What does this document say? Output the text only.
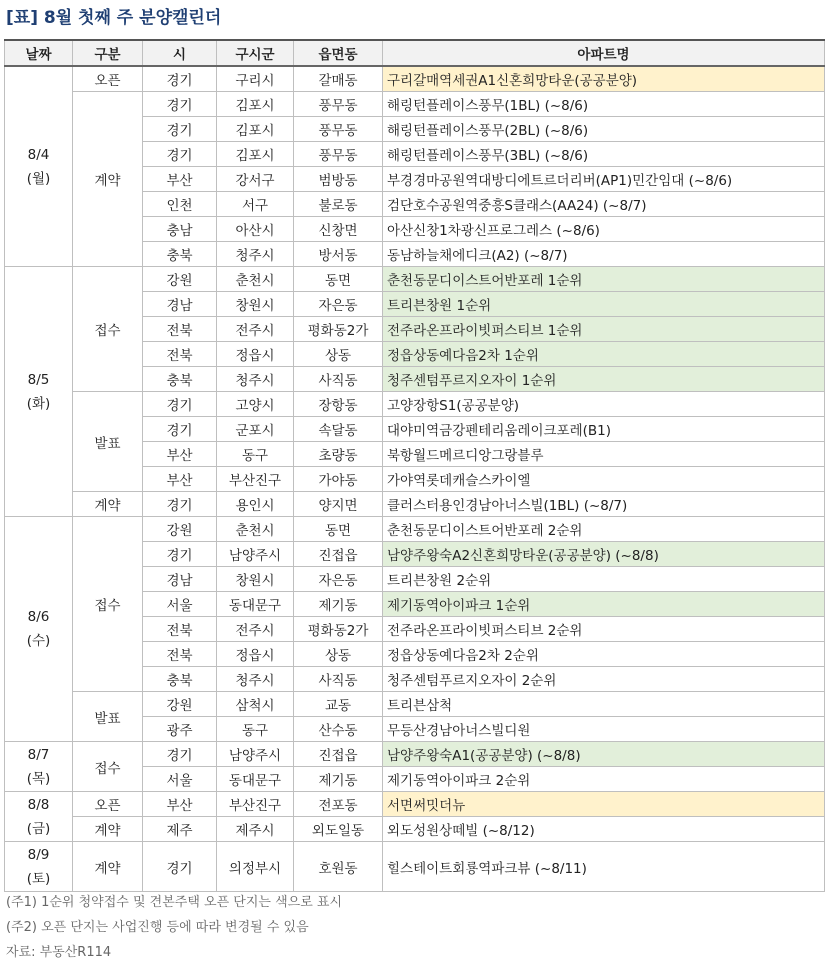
[표] 8월 첫째 주 분양캘린더
날짜	구분	시	구시군	읍면동	아파트명

8/4
(월)	오픈	경기	구리시	갈매동	구리갈매역세권A1신혼희망타운(공공분양)
	계약	경기	김포시	풍무동	해링턴플레이스풍무(1BL) (~8/6)
		경기	김포시	풍무동	해링턴플레이스풍무(2BL) (~8/6)
		경기	김포시	풍무동	해링턴플레이스풍무(3BL) (~8/6)
		부산	강서구	범방동	부경경마공원역대방디에트르더리버(AP1)민간임대 (~8/6)
		인천	서구	불로동	검단호수공원역중흥S클래스(AA24) (~8/7)
		충남	아산시	신창면	아산신창1차광신프로그레스 (~8/6)
		충북	청주시	방서동	동남하늘채에디크(A2) (~8/7)

8/5
(화)	접수	강원	춘천시	동면	춘천동문디이스트어반포레 1순위
		경남	창원시	자은동	트리븐창원 1순위
		전북	전주시	평화동2가	전주라온프라이빗퍼스티브 1순위
		전북	정읍시	상동	정읍상동예다음2차 1순위
		충북	청주시	사직동	청주센텀푸르지오자이 1순위
	발표	경기	고양시	장항동	고양장항S1(공공분양)
		경기	군포시	속달동	대야미역금강펜테리움레이크포레(B1)
		부산	동구	초량동	북항월드메르디앙그랑블루
		부산	부산진구	가야동	가야역롯데캐슬스카이엘
	계약	경기	용인시	양지면	클러스터용인경남아너스빌(1BL) (~8/7)

8/6
(수)	접수	강원	춘천시	동면	춘천동문디이스트어반포레 2순위
		경기	남양주시	진접읍	남양주왕숙A2신혼희망타운(공공분양) (~8/8)
		경남	창원시	자은동	트리븐창원 2순위
		서울	동대문구	제기동	제기동역아이파크 1순위
		전북	전주시	평화동2가	전주라온프라이빗퍼스티브 2순위
		전북	정읍시	상동	정읍상동예다음2차 2순위
		충북	청주시	사직동	청주센텀푸르지오자이 2순위
	발표	강원	삼척시	교동	트리븐삼척
		광주	동구	산수동	무등산경남아너스빌디원

8/7
(목)	접수	경기	남양주시	진접읍	남양주왕숙A1(공공분양) (~8/8)
		서울	동대문구	제기동	제기동역아이파크 2순위

8/8
(금)	오픈	부산	부산진구	전포동	서면써밋더뉴
	계약	제주	제주시	외도일동	외도성원상떼빌 (~8/12)

8/9
(토)	계약	경기	의정부시	호원동	힐스테이트회룡역파크뷰 (~8/11)
(주1) 1순위 청약접수 및 견본주택 오픈 단지는 색으로 표시
(주2) 오픈 단지는 사업진행 등에 따라 변경될 수 있음
자료: 부동산R114
